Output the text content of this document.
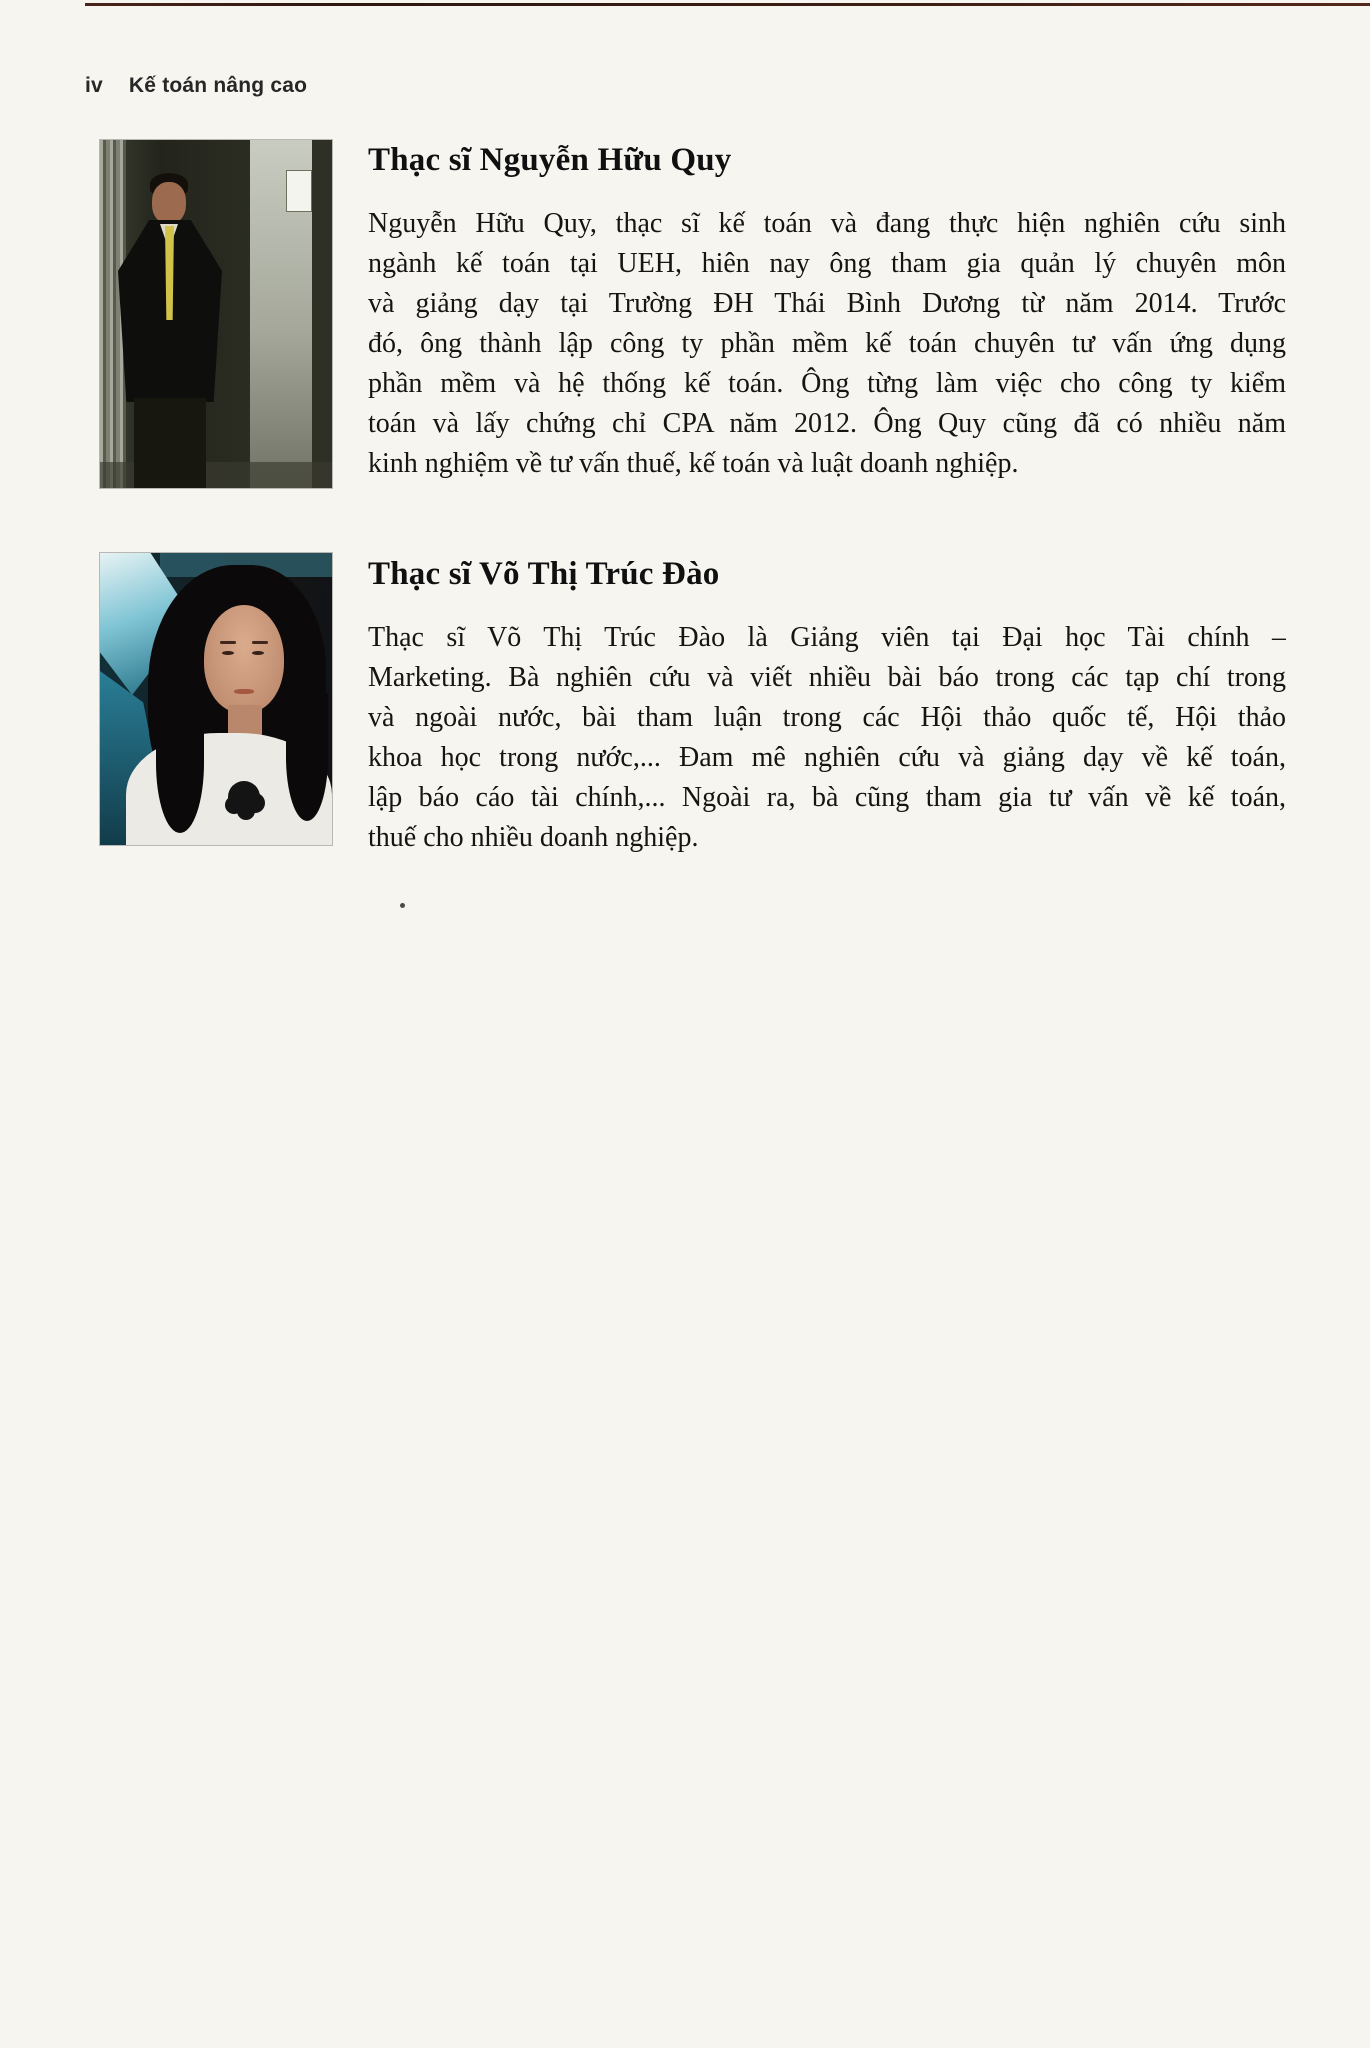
iv Kế toán nâng cao
Thạc sĩ Nguyễn Hữu Quy
Nguyễn Hữu Quy, thạc sĩ kế toán và đang thực hiện nghiên cứu sinh
ngành kế toán tại UEH, hiên nay ông tham gia quản lý chuyên môn
và giảng dạy tại Trường ĐH Thái Bình Dương từ năm 2014. Trước
đó, ông thành lập công ty phần mềm kế toán chuyên tư vấn ứng dụng
phần mềm và hệ thống kế toán. Ông từng làm việc cho công ty kiểm
toán và lấy chứng chỉ CPA năm 2012. Ông Quy cũng đã có nhiều năm
kinh nghiệm về tư vấn thuế, kế toán và luật doanh nghiệp.
Thạc sĩ Võ Thị Trúc Đào
Thạc sĩ Võ Thị Trúc Đào là Giảng viên tại Đại học Tài chính –
Marketing. Bà nghiên cứu và viết nhiều bài báo trong các tạp chí trong
và ngoài nước, bài tham luận trong các Hội thảo quốc tế, Hội thảo
khoa học trong nước,... Đam mê nghiên cứu và giảng dạy về kế toán,
lập báo cáo tài chính,... Ngoài ra, bà cũng tham gia tư vấn về kế toán,
thuế cho nhiều doanh nghiệp.
